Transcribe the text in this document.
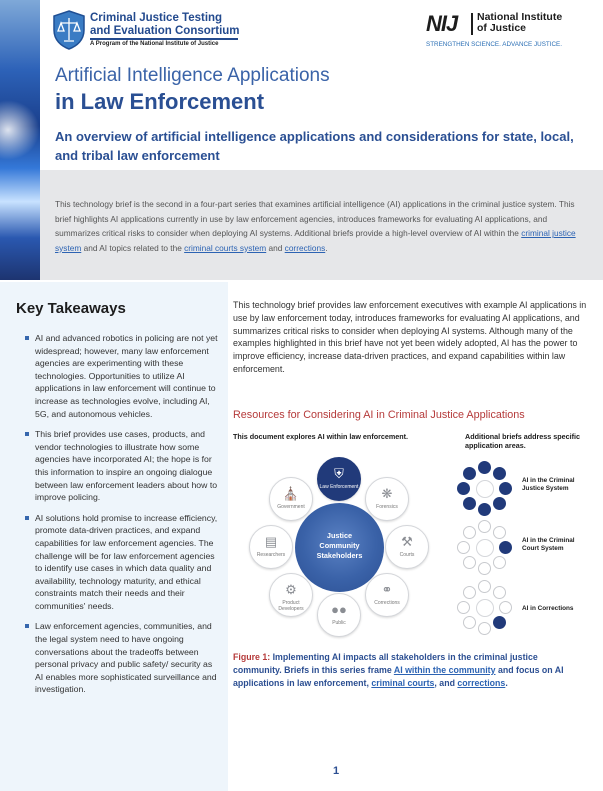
Criminal Justice Testing
and Evaluation Consortium
A Program of the National Institute of Justice
NIJ National Institute
of Justice
STRENGTHEN SCIENCE. ADVANCE JUSTICE.
Artificial Intelligence Applications
in Law Enforcement
An overview of artificial intelligence applications and considerations for state, local, and tribal law enforcement

This technology brief is the second in a four-part series that examines artificial intelligence (AI) applications in the criminal justice system. This brief highlights AI applications currently in use by law enforcement agencies, introduces frameworks for evaluating AI applications, and summarizes critical risks to consider when deploying AI systems. Additional briefs provide a high-level overview of AI within the criminal justice system and AI topics related to the criminal courts system and corrections.

Key Takeaways
AI and advanced robotics in policing are not yet widespread; however, many law enforcement agencies are experimenting with these technologies. Opportunities to utilize AI applications in law enforcement will continue to increase as technologies evolve, including AI, 5G, and autonomous vehicles.
This brief provides use cases, products, and vendor technologies to illustrate how some agencies have incorporated AI; the hope is for this information to inspire an ongoing dialogue between law enforcement leaders about how to improve policing.
AI solutions hold promise to increase efficiency, promote data-driven practices, and expand capabilities for law enforcement agencies. The challenge will be for law enforcement agencies to identify use cases in which data quality and availability, technology maturity, and ethical constraints match their needs and their communities' needs.
Law enforcement agencies, communities, and the legal system need to have ongoing conversations about the tradeoffs between personal privacy and public safety/ security as AI enables more sophisticated surveillance and investigation.

This technology brief provides law enforcement executives with example AI applications in use by law enforcement today, introduces frameworks for evaluating AI applications, and summarizes critical risks to consider when deploying AI systems. Although many of the examples highlighted in this brief have not yet been widely adopted, AI has the power to improve efficiency, increase data-driven practices, and expand capabilities within law enforcement.

Resources for Considering AI in Criminal Justice Applications
This document explores AI within law enforcement.	Additional briefs address specific application areas.
Justice
Community
Stakeholders
⛨
Law Enforcement ❋
Forensics
⚒
Courts
⚭
Corrections
●●
Public
⚙
Product Developers
▤
Researchers
⛪
Government
AI in the Criminal Justice System
AI in the Criminal Court System
AI in Corrections

Figure 1: Implementing AI impacts all stakeholders in the criminal justice community. Briefs in this series frame AI within the community and focus on AI applications in law enforcement, criminal courts, and corrections.

1
